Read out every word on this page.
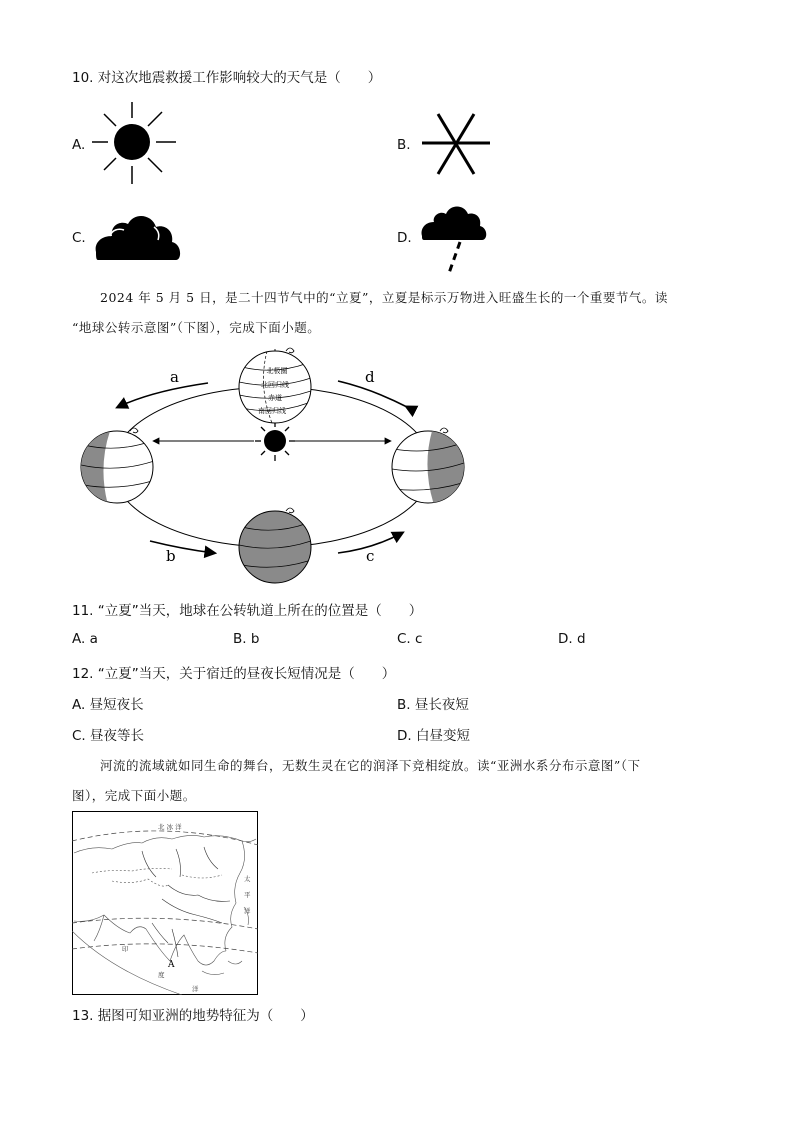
10. 对这次地震救援工作影响较大的天气是（　　）
A.	B.
C.	D.
2024 年 5 月 5 日，是二十四节气中的“立夏”，立夏是标示万物进入旺盛生长的一个重要节气。读
“地球公转示意图”（下图），完成下面小题。
北极圈
北回归线
赤道
南回归线
a	d
b	c
11. “立夏”当天，地球在公转轨道上所在的位置是（　　）
A. a	B. b	C. c	D. d
12. “立夏”当天，关于宿迁的昼夜长短情况是（　　）
A. 昼短夜长	B. 昼长夜短
C. 昼夜等长	D. 白昼变短
河流的流域就如同生命的舞台，无数生灵在它的润泽下竞相绽放。读“亚洲水系分布示意图”（下
图），完成下面小题。
北 冰 洋
太
平
洋
印
度
洋
A
13. 据图可知亚洲的地势特征为（　　）
